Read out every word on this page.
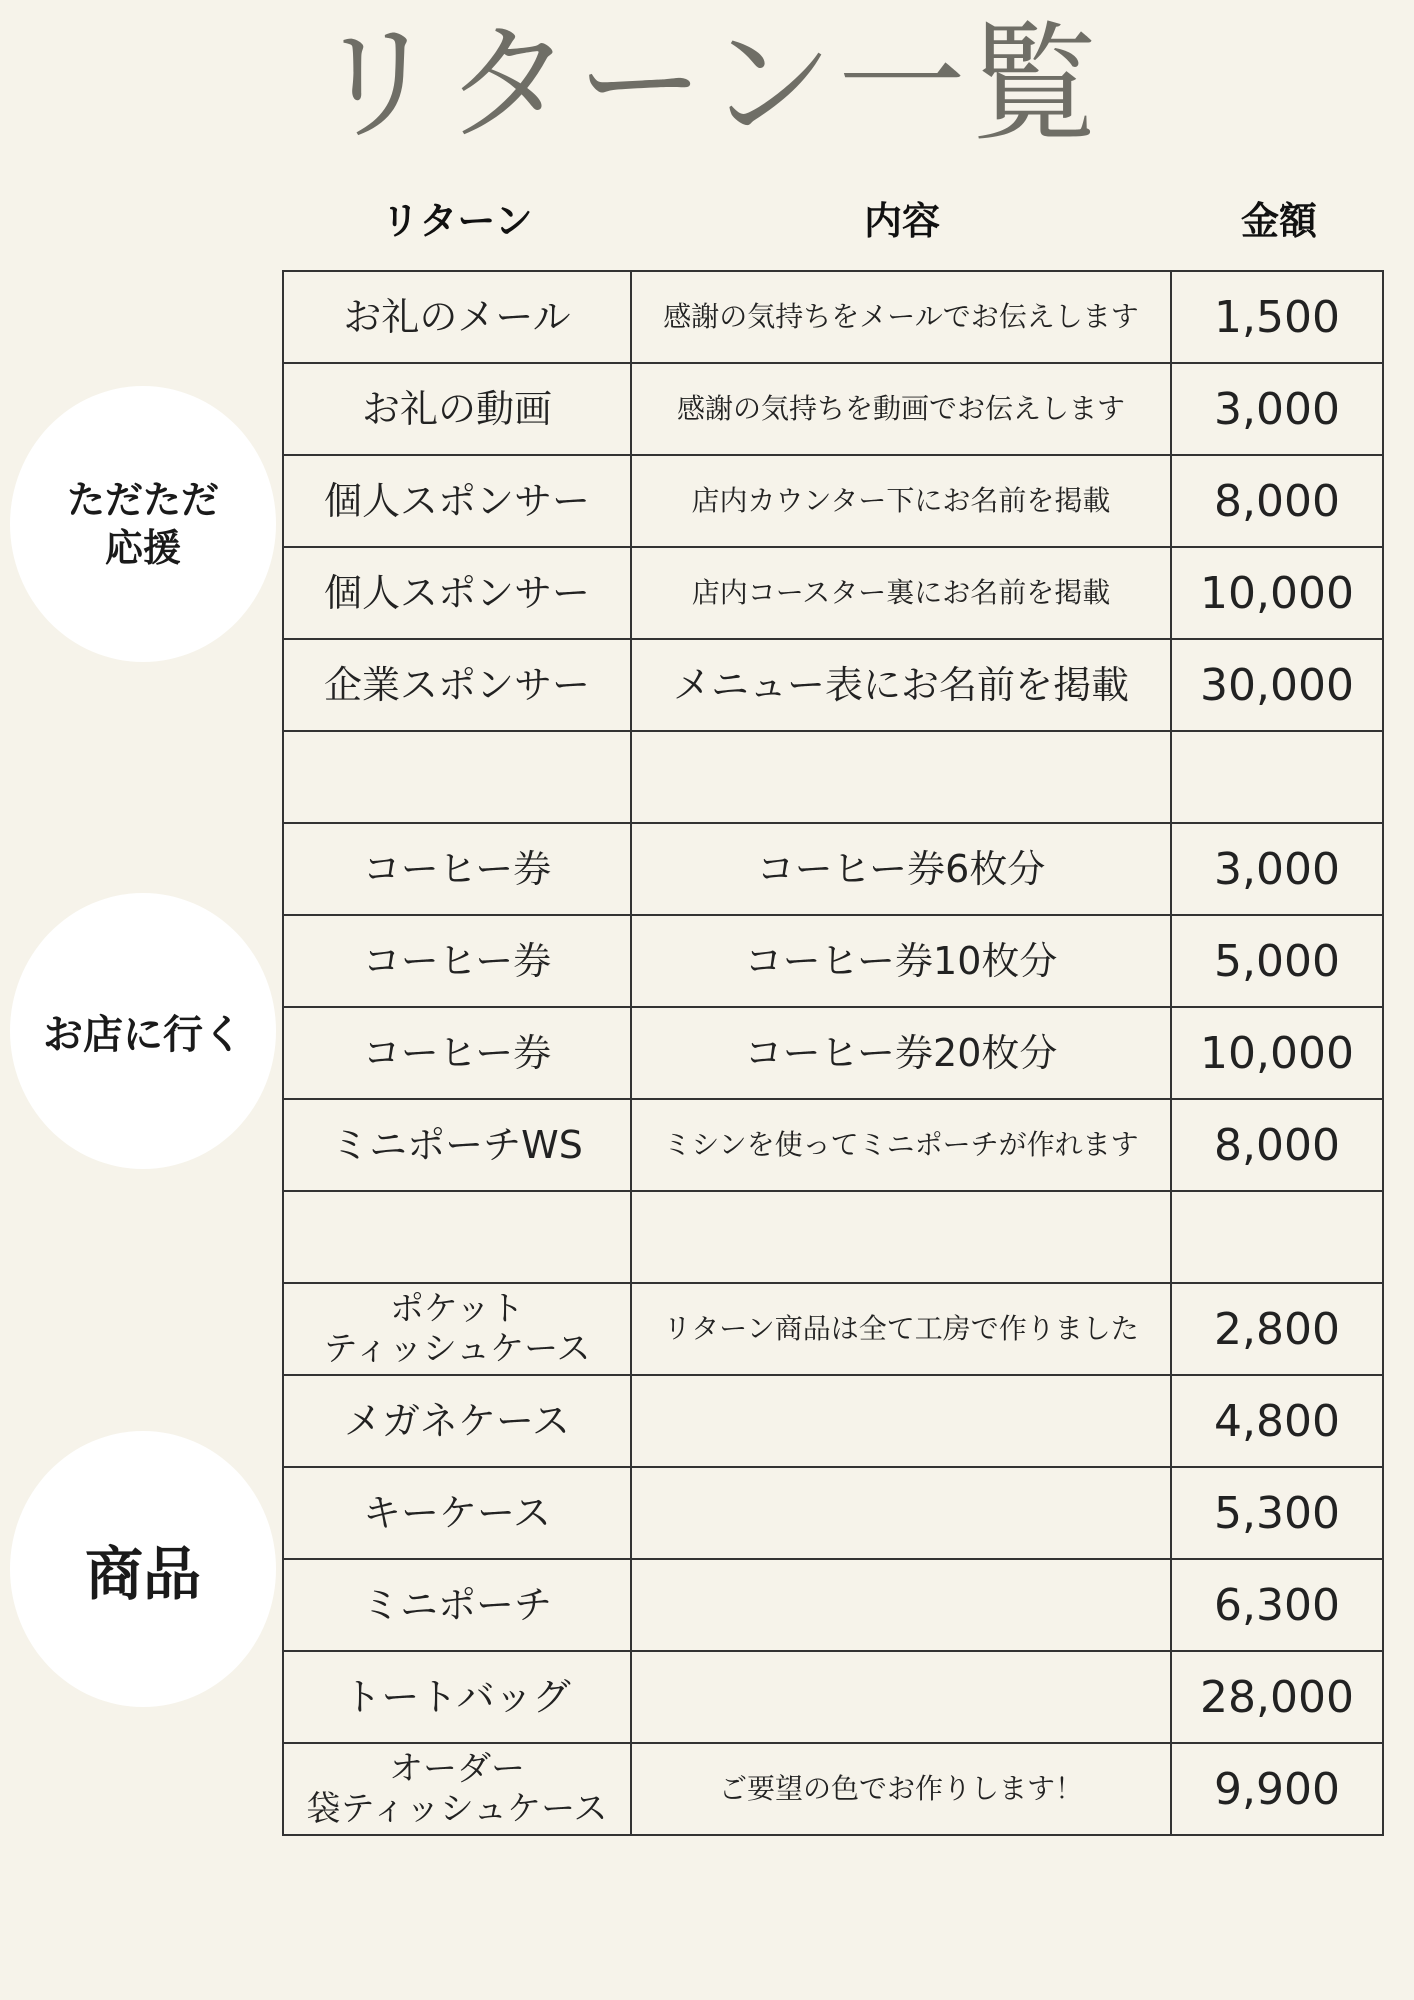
リターン一覧
リターン	内容	金額
ただただ
応援
お店に行く
商品
お礼のメール	感謝の気持ちをメールでお伝えします	1,500
お礼の動画	感謝の気持ちを動画でお伝えします	3,000
個人スポンサー	店内カウンター下にお名前を掲載	8,000
個人スポンサー	店内コースター裏にお名前を掲載	10,000
企業スポンサー	メニュー表にお名前を掲載	30,000

コーヒー券	コーヒー券6枚分	3,000
コーヒー券	コーヒー券10枚分	5,000
コーヒー券	コーヒー券20枚分	10,000
ミニポーチWS	ミシンを使ってミニポーチが作れます	8,000

ポケット
ティッシュケース	リターン商品は全て工房で作りました	2,800
メガネケース		4,800
キーケース		5,300
ミニポーチ		6,300
トートバッグ		28,000
オーダー
袋ティッシュケース	ご要望の色でお作りします！	9,900
